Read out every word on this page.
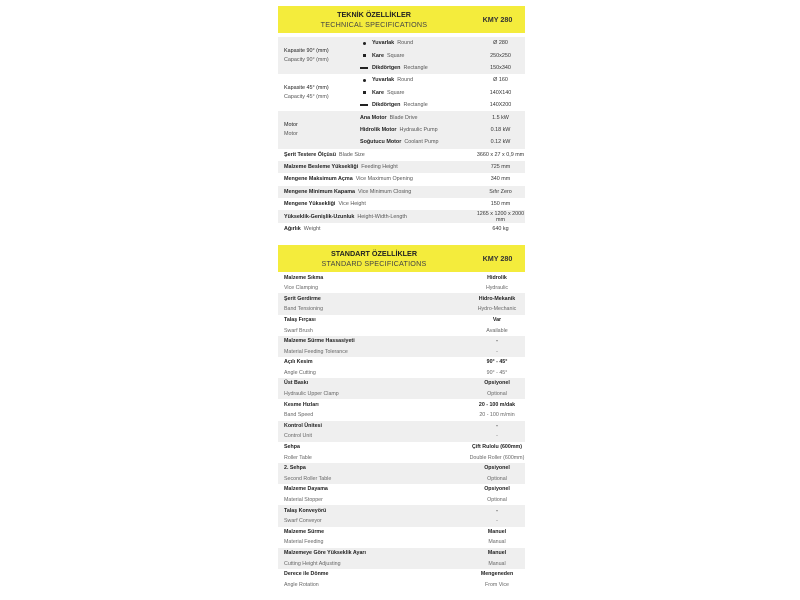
TEKNİK ÖZELLİKLER
TECHNICAL SPECIFICATIONS	KMY 280
Kapasite 90° (mm)
Capacity 90° (mm)
Yuvarlak Round	Ø 280
Kare Square	250x250
Dikdörtgen Rectangle	150x340
Kapasite 45° (mm)
Capacity 45° (mm)
Yuvarlak Round	Ø 160
Kare Square	140X140
Dikdörtgen Rectangle	140X200
Motor
Motor
Ana Motor Blade Drive	1.5 kW
Hidrolik Motor Hydraulic Pump	0.18 kW
Soğutucu Motor Coolant Pump	0.12 kW
Şerit Testere Ölçüsü Blade Size	3660 x 27 x 0,9 mm
Malzeme Besleme Yüksekliği Feeding Height	725 mm
Mengene Maksimum Açma Vice Maximum Opening	340 mm
Mengene Minimum Kapama Vice Minimum Closing	Sıfır Zero
Mengene Yüksekliği Vice Height	150 mm
Yükseklik-Genişlik-Uzunluk Height-Width-Length	1265 x 1200 x 2000 mm
Ağırlık Weight	640 kg
STANDART ÖZELLİKLER
STANDARD SPECIFICATIONS	KMY 280
Malzeme Sıkma	Hidrolik
Vice Clamping	Hydraulic
Şerit Gerdirme	Hidro-Mekanik
Band Tensioning	Hydro-Mechanic
Talaş Fırçası	Var
Swarf Brush	Available
Malzeme Sürme Hassasiyeti	-
Material Feeding Tolerance	-
Açılı Kesim	90° - 45°
Angle Cutting	90° - 45°
Üst Baskı	Opsiyonel
Hydraulic Upper Clamp	Optional
Kesme Hızları	20 - 100 m/dak
Band Speed	20 - 100 m/min
Kontrol Ünitesi	-
Control Unit	-
Sehpa	Çift Rulolu (600mm)
Roller Table	Double Roller (600mm)
2. Sehpa	Opsiyonel
Second Roller Table	Optional
Malzeme Dayama	Opsiyonel
Material Stopper	Optional
Talaş Konveyörü	-
Swarf Conveyor	-
Malzeme Sürme	Manuel
Material Feeding	Manual
Malzemeye Göre Yükseklik Ayarı	Manuel
Cutting Height Adjusting	Manual
Derece ile Dönme	Mengeneden
Angle Rotation	From Vice
